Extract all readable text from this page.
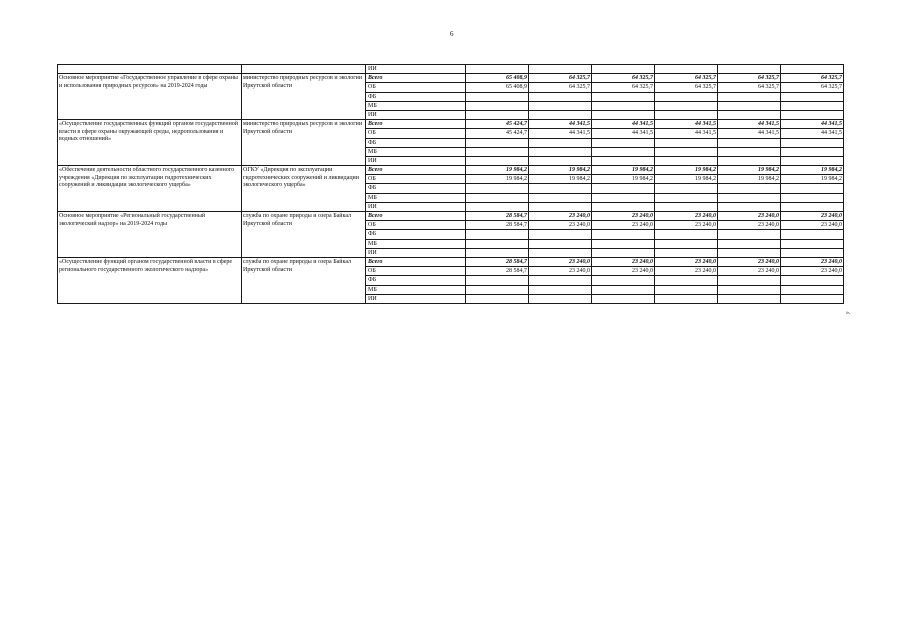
6
		ИИ						
Основное мероприятие «Государственное управление в сфере охраны и использования природных ресурсов» на 2019-2024 годы	министерство природных ресурсов и экологии Иркутской области	Всего	65 408,9	64 325,7	64 325,7	64 325,7	64 325,7	64 325,7
		ОБ	65 408,9	64 325,7	64 325,7	64 325,7	64 325,7	64 325,7
		ФБ						
		МБ						
		ИИ						
«Осуществление государственных функций органом государственной власти в сфере охраны окружающей среды, недропользования и водных отношений»	министерство природных ресурсов и экологии Иркутской области	Всего	45 424,7	44 341,5	44 341,5	44 341,5	44 341,5	44 341,5
		ОБ	45 424,7	44 341,5	44 341,5	44 341,5	44 341,5	44 341,5
		ФБ						
		МБ						
		ИИ						
«Обеспечение деятельности областного государственного казенного учреждения «Дирекция по эксплуатации гидротехнических сооружений и ликвидации экологического ущерба»	ОГКУ «Дирекция по эксплуатации гидротехнических сооружений и ликвидации экологического ущерба»	Всего	19 984,2	19 984,2	19 984,2	19 984,2	19 984,2	19 984,2
		ОБ	19 984,2	19 984,2	19 984,2	19 984,2	19 984,2	19 984,2
		ФБ						
		МБ						
		ИИ						
Основное мероприятие «Региональный государственный экологический надзор» на 2019-2024 годы	служба по охране природы и озера Байкал Иркутской области	Всего	28 584,7	23 240,0	23 240,0	23 240,0	23 240,0	23 240,0
		ОБ	28 584,7	23 240,0	23 240,0	23 240,0	23 240,0	23 240,0
		ФБ						
		МБ						
		ИИ						
«Осуществление функций органом государственной власти в сфере регионального государственного экологического надзора»	служба по охране природы и озера Байкал Иркутской области	Всего	28 584,7	23 240,0	23 240,0	23 240,0	23 240,0	23 240,0
		ОБ	28 584,7	23 240,0	23 240,0	23 240,0	23 240,0	23 240,0
		ФБ						
		МБ						
		ИИ						
».
